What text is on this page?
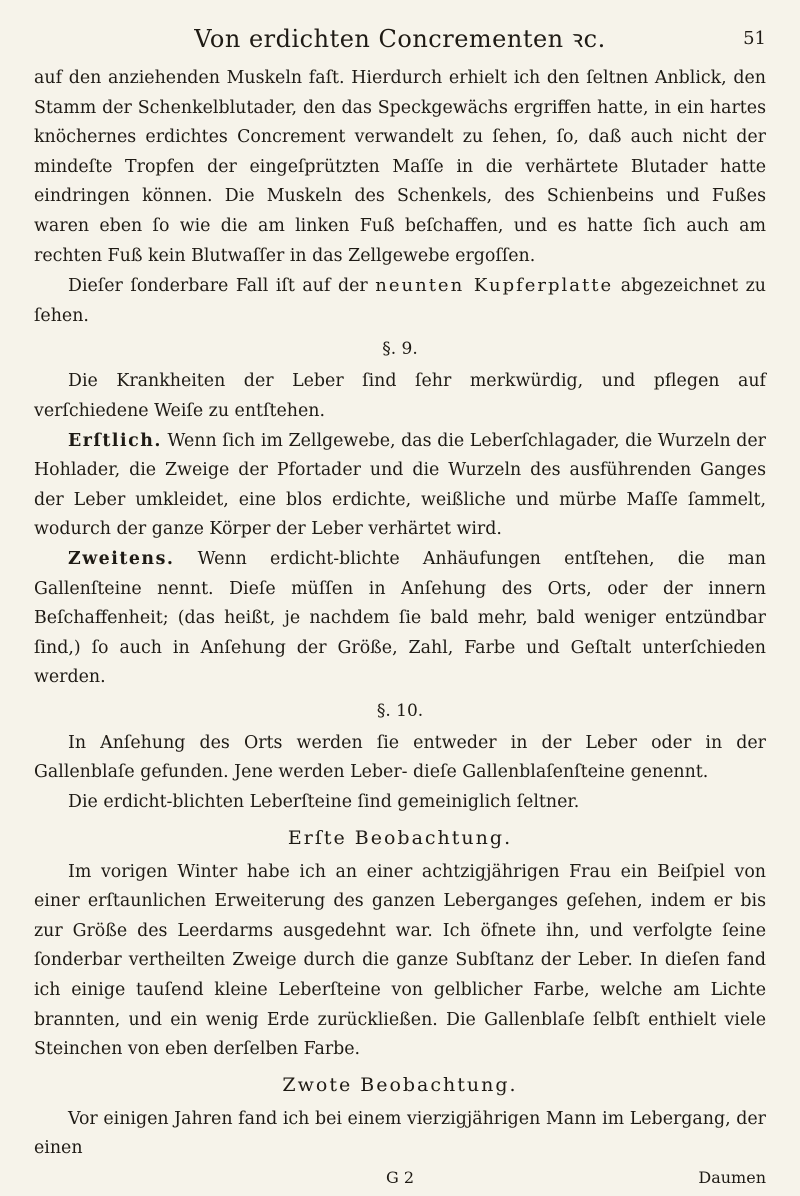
Von erdichten Concrementen ꝛc.	51

auf den anziehenden Muskeln faſt. Hierdurch erhielt ich den ſeltnen Anblick, den Stamm der Schenkelblutader, den das Speckgewächs ergriffen hatte, in ein hartes knöchernes erdichtes Concrement verwandelt zu ſehen, ſo, daß auch nicht der mindeſte Tropfen der eingeſprützten Maſſe in die verhärtete Blutader hatte eindringen können. Die Muskeln des Schenkels, des Schienbeins und Fußes waren eben ſo wie die am linken Fuß beſchaffen, und es hatte ſich auch am rechten Fuß kein Blutwaſſer in das Zellgewebe ergoſſen.

Dieſer ſonderbare Fall iſt auf der neunten Kupferplatte abgezeichnet zu ſehen.

§. 9.

Die Krankheiten der Leber ſind ſehr merkwürdig, und pflegen auf verſchiedene Weiſe zu entſtehen.

Erſtlich. Wenn ſich im Zellgewebe, das die Leberſchlagader, die Wurzeln der Hohlader, die Zweige der Pfortader und die Wurzeln des ausführenden Ganges der Leber umkleidet, eine blos erdichte, weißliche und mürbe Maſſe ſammelt, wodurch der ganze Körper der Leber verhärtet wird.

Zweitens. Wenn erdicht-blichte Anhäufungen entſtehen, die man Gallenſteine nennt. Dieſe müſſen in Anſehung des Orts, oder der innern Beſchaffenheit; (das heißt, je nachdem ſie bald mehr, bald weniger entzündbar ſind,) ſo auch in Anſehung der Größe, Zahl, Farbe und Geſtalt unterſchieden werden.

§. 10.

In Anſehung des Orts werden ſie entweder in der Leber oder in der Gallenblaſe gefunden. Jene werden Leber- dieſe Gallenblaſenſteine genennt.

Die erdicht-blichten Leberſteine ſind gemeiniglich ſeltner.

Erſte Beobachtung.

Im vorigen Winter habe ich an einer achtzigjährigen Frau ein Beiſpiel von einer erſtaunlichen Erweiterung des ganzen Leberganges geſehen, indem er bis zur Größe des Leerdarms ausgedehnt war. Ich öfnete ihn, und verfolgte ſeine ſonderbar vertheilten Zweige durch die ganze Subſtanz der Leber. In dieſen fand ich einige tauſend kleine Leberſteine von gelblicher Farbe, welche am Lichte brannten, und ein wenig Erde zurückließen. Die Gallenblaſe ſelbſt enthielt viele Steinchen von eben derſelben Farbe.

Zwote Beobachtung.

Vor einigen Jahren fand ich bei einem vierzigjährigen Mann im Lebergang, der einen

G 2	Daumen
